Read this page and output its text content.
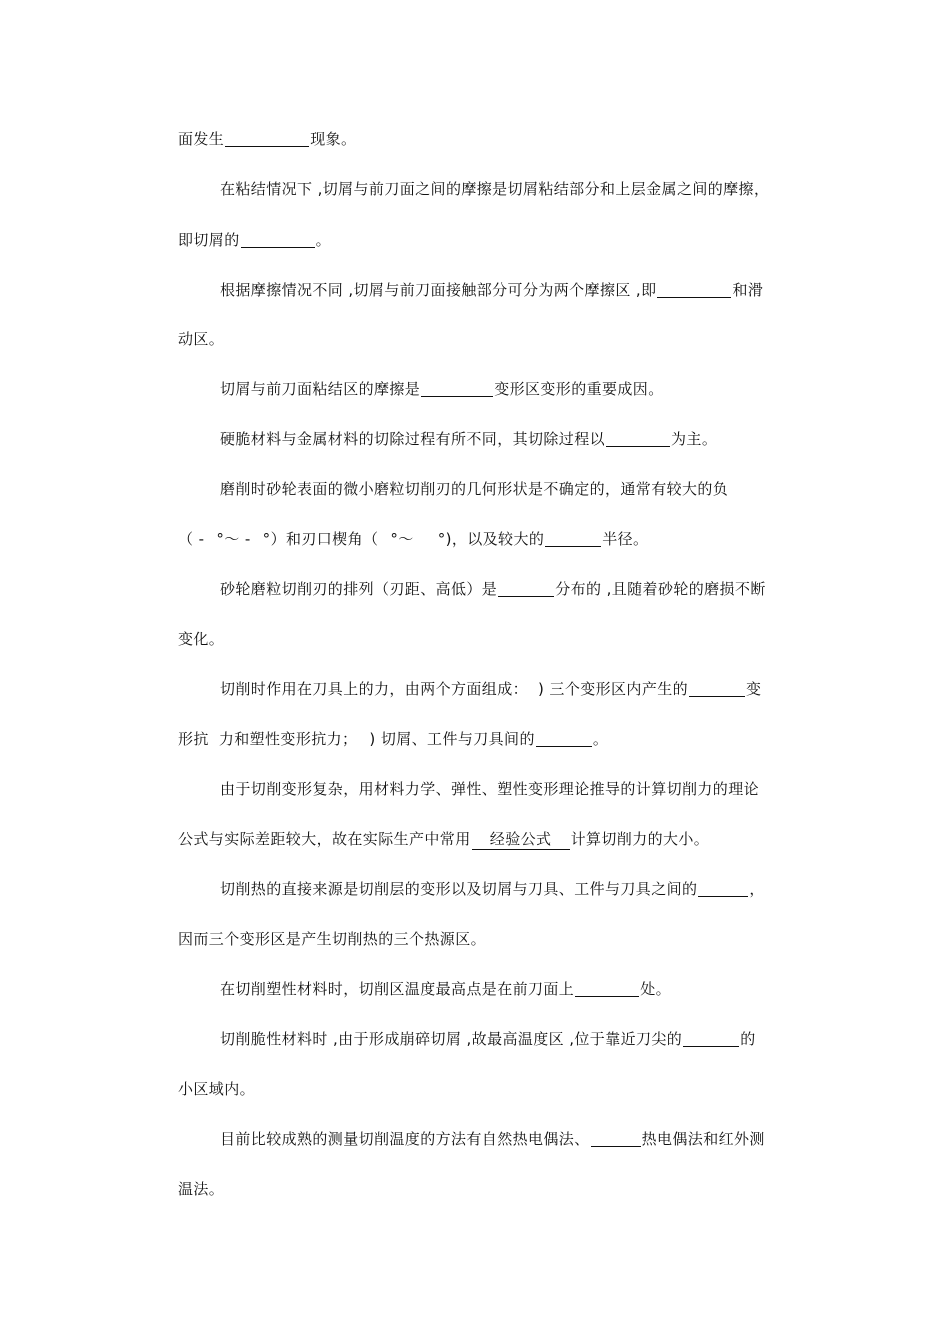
面发生	现象。
在粘结情况下 ,切屑与前刀面之间的摩擦是切屑粘结部分和上层金属之间的摩擦，
即切屑的	。
根据摩擦情况不同 ,切屑与前刀面接触部分可分为两个摩擦区 ,即	和滑
动区。
切屑与前刀面粘结区的摩擦是	变形区变形的重要成因。
硬脆材料与金属材料的切除过程有所不同，其切除过程以	为主。
磨削时砂轮表面的微小磨粒切削刃的几何形状是不确定的，通常有较大的负
（ - °～ - °）和刃口楔角（ °～ °)，以及较大的	半径。
砂轮磨粒切削刃的排列（刃距、高低）是	分布的 ,且随着砂轮的磨损不断
变化。
切削时作用在刀具上的力，由两个方面组成： ) 三个变形区内产生的	变
形抗 力和塑性变形抗力； ) 切屑、工件与刀具间的	。
由于切削变形复杂，用材料力学、弹性、塑性变形理论推导的计算切削力的理论
公式与实际差距较大，故在实际生产中常用 经验公式 计算切削力的大小。
切削热的直接来源是切削层的变形以及切屑与刀具、工件与刀具之间的	，
因而三个变形区是产生切削热的三个热源区。
在切削塑性材料时，切削区温度最高点是在前刀面上	处。
切削脆性材料时 ,由于形成崩碎切屑 ,故最高温度区 ,位于靠近刀尖的	的
小区域内。
目前比较成熟的测量切削温度的方法有自然热电偶法、	热电偶法和红外测
温法。
